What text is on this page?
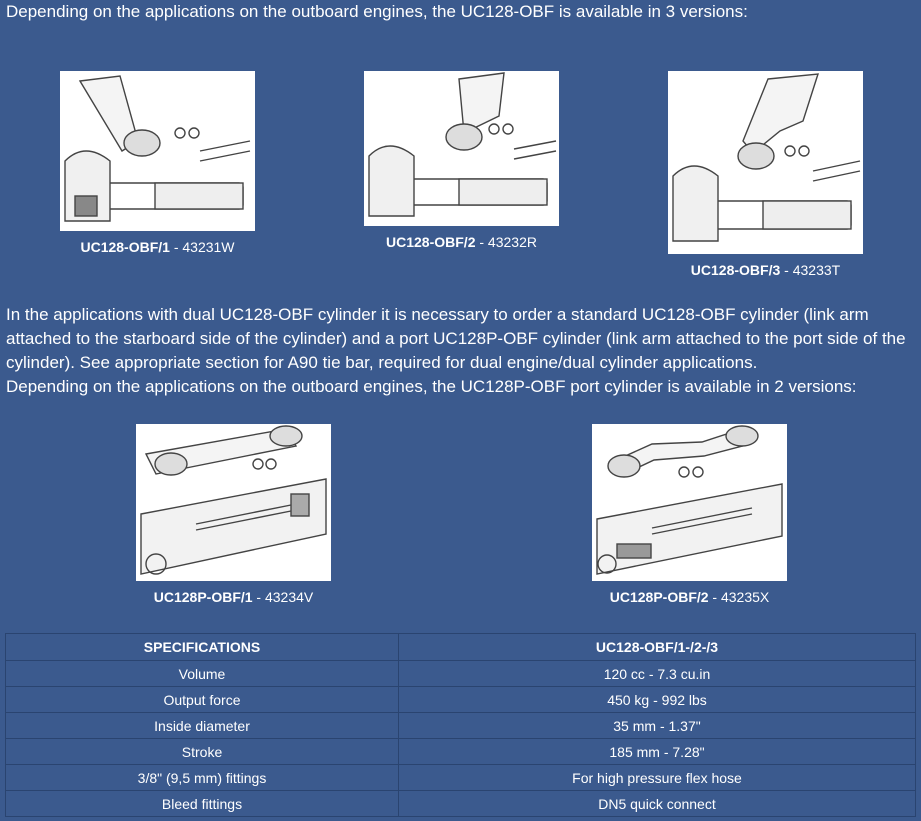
Depending on the applications on the outboard engines, the UC128-OBF is available in 3 versions:

UC128-OBF/1 - 43231W	UC128-OBF/2 - 43232R
UC128-OBF/3 - 43233T
In the applications with dual UC128-OBF cylinder it is necessary to order a standard UC128-OBF cylinder (link arm attached to the starboard side of the cylinder) and a port UC128P-OBF cylinder (link arm attached to the port side of the cylinder). See appropriate section for A90 tie bar, required for dual engine/dual cylinder applications.
Depending on the applications on the outboard engines, the UC128P-OBF port cylinder is available in 2 versions:
UC128P-OBF/1 - 43234V	UC128P-OBF/2 - 43235X
SPECIFICATIONS	UC128-OBF/1-/2-/3
Volume	120 cc - 7.3 cu.in
Output force	450 kg - 992 lbs
Inside diameter	35 mm - 1.37"
Stroke	185 mm - 7.28"
3/8" (9,5 mm) fittings	For high pressure flex hose
Bleed fittings	DN5 quick connect
